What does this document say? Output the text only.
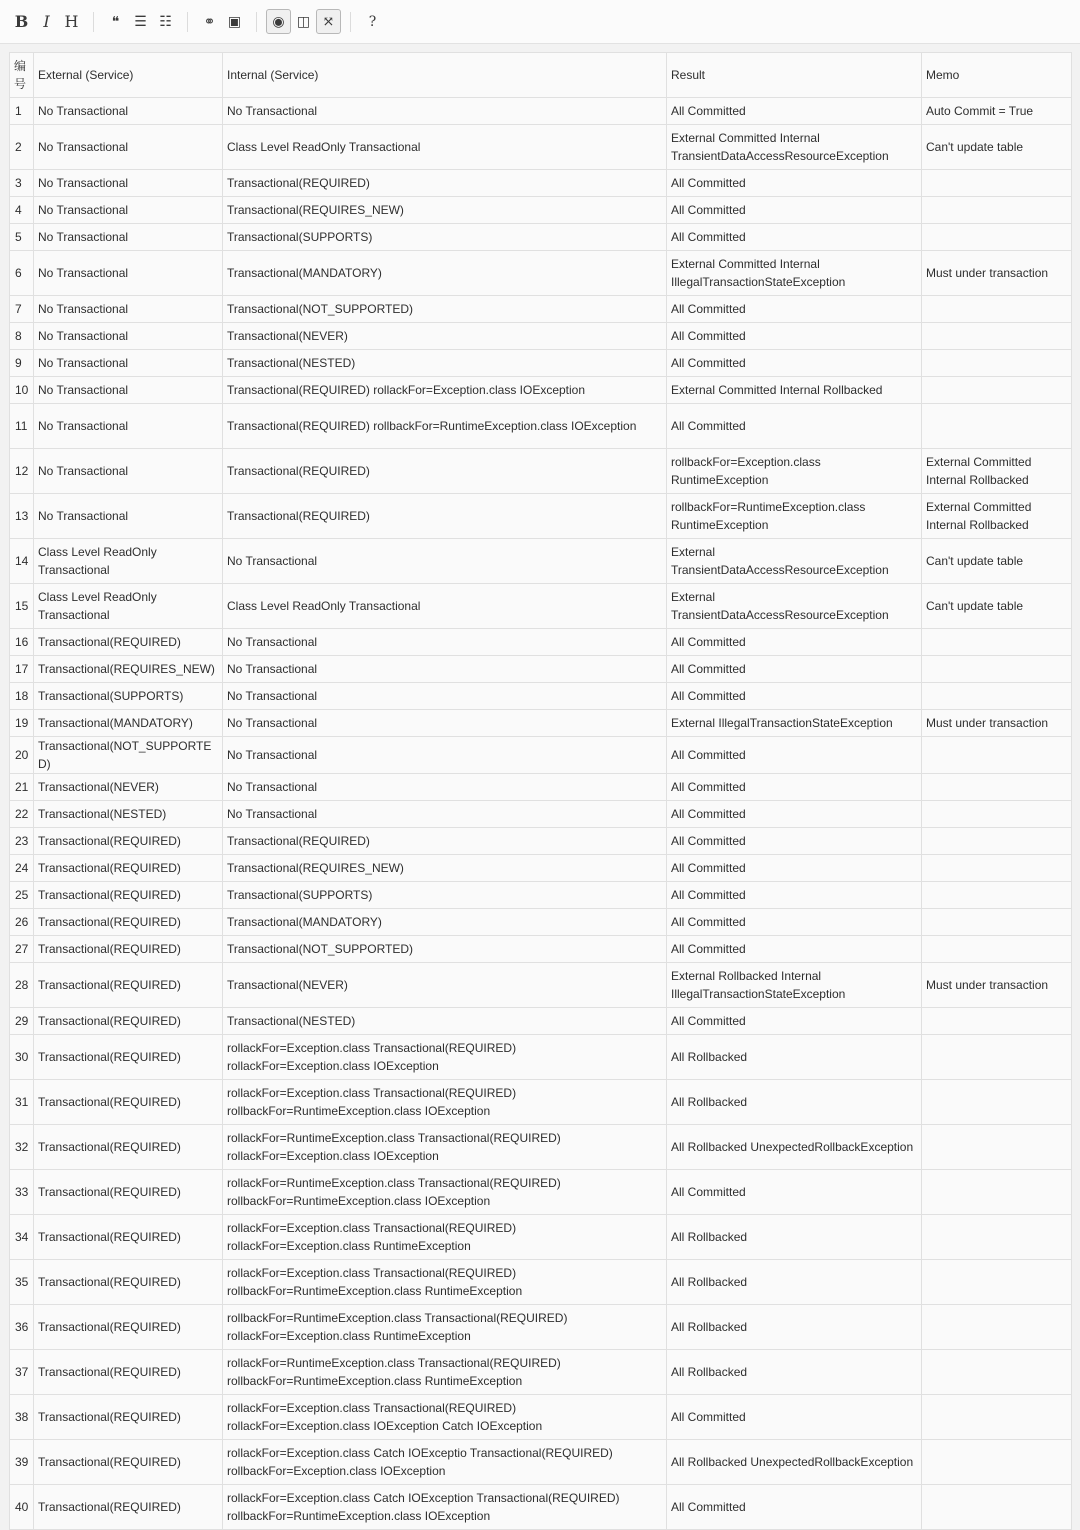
B I H ❝ ☰ ☷ ⚭ ▣ ◉ ◫ ⤧ ?
编号	External (Service)	Internal (Service)	Result	Memo
1	No Transactional	No Transactional	All Committed	Auto Commit = True
2	No Transactional	Class Level ReadOnly Transactional	External Committed Internal TransientDataAccessResourceException	Can't update table
3	No Transactional	Transactional(REQUIRED)	All Committed	
4	No Transactional	Transactional(REQUIRES_NEW)	All Committed	
5	No Transactional	Transactional(SUPPORTS)	All Committed	
6	No Transactional	Transactional(MANDATORY)	External Committed Internal IllegalTransactionStateException	Must under transaction
7	No Transactional	Transactional(NOT_SUPPORTED)	All Committed	
8	No Transactional	Transactional(NEVER)	All Committed	
9	No Transactional	Transactional(NESTED)	All Committed	
10	No Transactional	Transactional(REQUIRED) rollackFor=Exception.class IOException	External Committed Internal Rollbacked	
11	No Transactional	Transactional(REQUIRED) rollbackFor=RuntimeException.class IOException	All Committed	
12	No Transactional	Transactional(REQUIRED)	rollbackFor=Exception.class RuntimeException	External Committed Internal Rollbacked
13	No Transactional	Transactional(REQUIRED)	rollbackFor=RuntimeException.class RuntimeException	External Committed Internal Rollbacked
14	Class Level ReadOnly Transactional	No Transactional	External TransientDataAccessResourceException	Can't update table
15	Class Level ReadOnly Transactional	Class Level ReadOnly Transactional	External TransientDataAccessResourceException	Can't update table
16	Transactional(REQUIRED)	No Transactional	All Committed	
17	Transactional(REQUIRES_NEW)	No Transactional	All Committed	
18	Transactional(SUPPORTS)	No Transactional	All Committed	
19	Transactional(MANDATORY)	No Transactional	External IllegalTransactionStateException	Must under transaction
20	Transactional(NOT_SUPPORTED)	No Transactional	All Committed	
21	Transactional(NEVER)	No Transactional	All Committed	
22	Transactional(NESTED)	No Transactional	All Committed	
23	Transactional(REQUIRED)	Transactional(REQUIRED)	All Committed	
24	Transactional(REQUIRED)	Transactional(REQUIRES_NEW)	All Committed	
25	Transactional(REQUIRED)	Transactional(SUPPORTS)	All Committed	
26	Transactional(REQUIRED)	Transactional(MANDATORY)	All Committed	
27	Transactional(REQUIRED)	Transactional(NOT_SUPPORTED)	All Committed	
28	Transactional(REQUIRED)	Transactional(NEVER)	External Rollbacked Internal IllegalTransactionStateException	Must under transaction
29	Transactional(REQUIRED)	Transactional(NESTED)	All Committed	
30	Transactional(REQUIRED)	rollackFor=Exception.class Transactional(REQUIRED) rollackFor=Exception.class IOException	All Rollbacked	
31	Transactional(REQUIRED)	rollackFor=Exception.class Transactional(REQUIRED) rollbackFor=RuntimeException.class IOException	All Rollbacked	
32	Transactional(REQUIRED)	rollackFor=RuntimeException.class Transactional(REQUIRED) rollackFor=Exception.class IOException	All Rollbacked UnexpectedRollbackException	
33	Transactional(REQUIRED)	rollackFor=RuntimeException.class Transactional(REQUIRED) rollbackFor=RuntimeException.class IOException	All Committed	
34	Transactional(REQUIRED)	rollackFor=Exception.class Transactional(REQUIRED) rollackFor=Exception.class RuntimeException	All Rollbacked	
35	Transactional(REQUIRED)	rollackFor=Exception.class Transactional(REQUIRED) rollbackFor=RuntimeException.class RuntimeException	All Rollbacked	
36	Transactional(REQUIRED)	rollbackFor=RuntimeException.class Transactional(REQUIRED) rollackFor=Exception.class RuntimeException	All Rollbacked	
37	Transactional(REQUIRED)	rollackFor=RuntimeException.class Transactional(REQUIRED) rollbackFor=RuntimeException.class RuntimeException	All Rollbacked	
38	Transactional(REQUIRED)	rollackFor=Exception.class Transactional(REQUIRED) rollackFor=Exception.class IOException Catch IOException	All Committed	
39	Transactional(REQUIRED)	rollackFor=Exception.class Catch IOExceptio Transactional(REQUIRED) rollbackFor=Exception.class IOException	All Rollbacked UnexpectedRollbackException	
40	Transactional(REQUIRED)	rollackFor=Exception.class Catch IOException Transactional(REQUIRED) rollbackFor=RuntimeException.class IOException	All Committed	
